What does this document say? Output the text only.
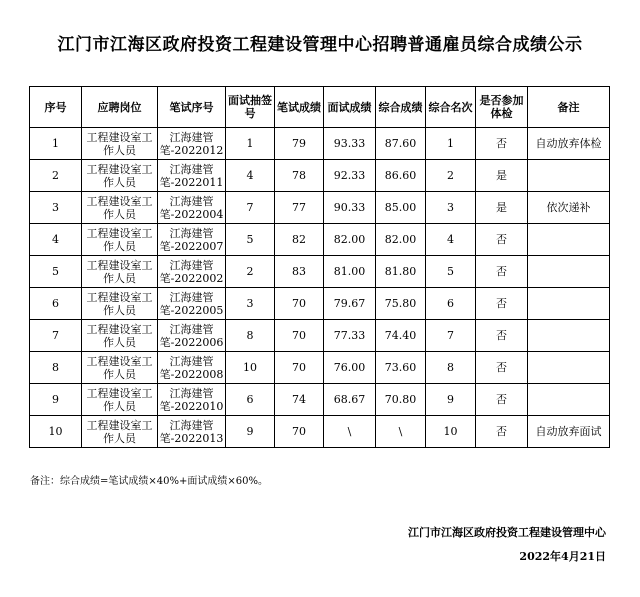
江门市江海区政府投资工程建设管理中心招聘普通雇员综合成绩公示
序号	应聘岗位	笔试序号	面试抽签号	笔试成绩	面试成绩	综合成绩	综合名次	是否参加体检	备注
1	工程建设室工作人员	江海建管笔-2022012	1	79	93.33	87.60	1	否	自动放弃体检
2	工程建设室工作人员	江海建管笔-2022011	4	78	92.33	86.60	2	是	
3	工程建设室工作人员	江海建管笔-2022004	7	77	90.33	85.00	3	是	依次递补
4	工程建设室工作人员	江海建管笔-2022007	5	82	82.00	82.00	4	否	
5	工程建设室工作人员	江海建管笔-2022002	2	83	81.00	81.80	5	否	
6	工程建设室工作人员	江海建管笔-2022005	3	70	79.67	75.80	6	否	
7	工程建设室工作人员	江海建管笔-2022006	8	70	77.33	74.40	7	否	
8	工程建设室工作人员	江海建管笔-2022008	10	70	76.00	73.60	8	否	
9	工程建设室工作人员	江海建管笔-2022010	6	74	68.67	70.80	9	否	
10	工程建设室工作人员	江海建管笔-2022013	9	70	\	\	10	否	自动放弃面试
备注：综合成绩=笔试成绩×40%+面试成绩×60%。
江门市江海区政府投资工程建设管理中心
2022年4月21日
